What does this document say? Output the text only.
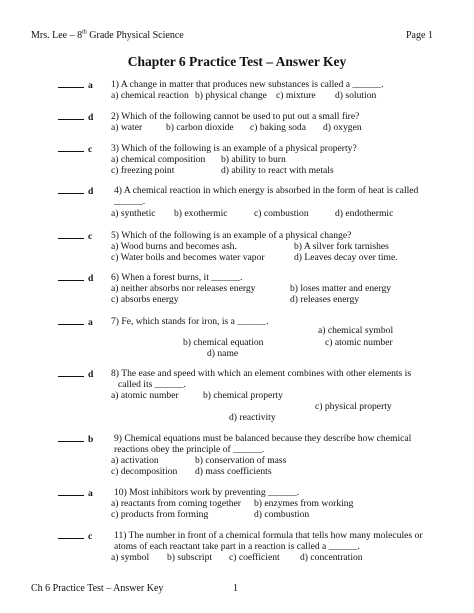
Mrs. Lee – 8th Grade Physical Science	Page 1
Chapter 6 Practice Test – Answer Key
a 1) A change in matter that produces new substances is called a ______.
a) chemical reaction b) physical change c) mixture d) solution
d 2) Which of the following cannot be used to put out a small fire?
a) water b) carbon dioxide c) baking soda d) oxygen
c 3) Which of the following is an example of a physical property?
a) chemical composition b) ability to burn
c) freezing point	d) ability to react with metals
d 4) A chemical reaction in which energy is absorbed in the form of heat is called
______.
a) synthetic b) exothermic	c) combustion	d) endothermic
c 5) Which of the following is an example of a physical change?
a) Wood burns and becomes ash.	b) A silver fork tarnishes
c) Water boils and becomes water vapor	d) Leaves decay over time.
d 6) When a forest burns, it ______.
a) neither absorbs nor releases energy	b) loses matter and energy
c) absorbs energy	d) releases energy
a 7) Fe, which stands for iron, is a ______.
a) chemical symbol
b) chemical equation	c) atomic number
d) name
d 8) The ease and speed with which an element combines with other elements is
called its ______.
a) atomic number	b) chemical property
c) physical property
d) reactivity
b 9) Chemical equations must be balanced because they describe how chemical
reactions obey the principle of ______.
a) activation	b) conservation of mass
c) decomposition d) mass coefficients
a 10) Most inhibitors work by preventing ______.
a) reactants from coming together b) enzymes from working
c) products from forming	d) combustion
c 11) The number in front of a chemical formula that tells how many molecules or
atoms of each reactant take part in a reaction is called a ______.
a) symbol b) subscript c) coefficient d) concentration
Ch 6 Practice Test – Answer Key	1
